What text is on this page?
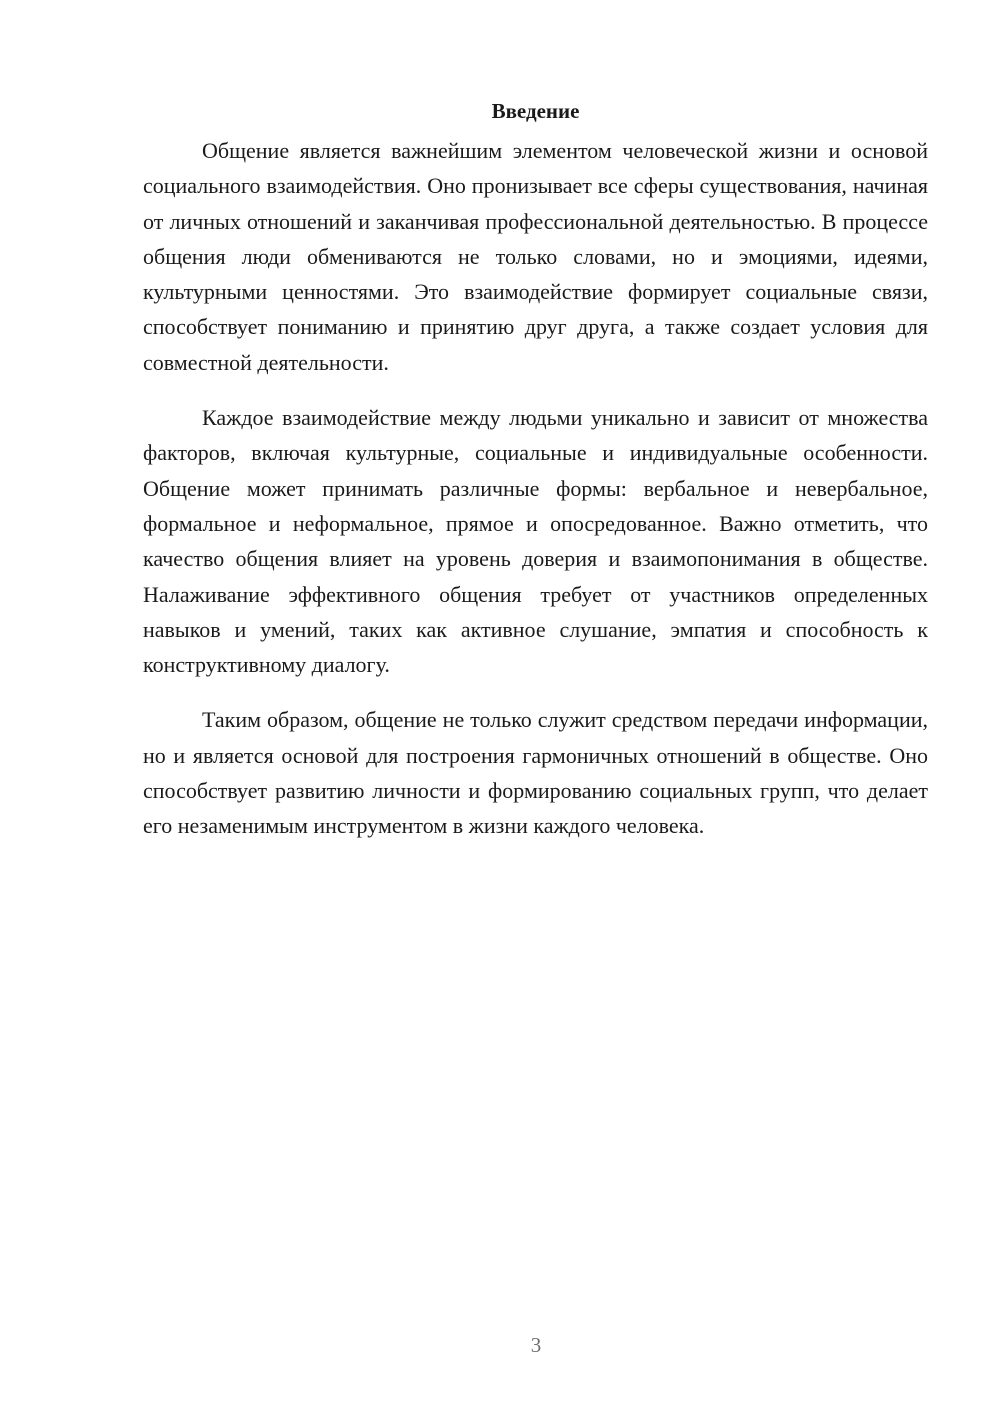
Введение

Общение является важнейшим элементом человеческой жизни и основой социального взаимодействия. Оно пронизывает все сферы существования, начиная от личных отношений и заканчивая профессиональной деятельностью. В процессе общения люди обмениваются не только словами, но и эмоциями, идеями, культурными ценностями. Это взаимодействие формирует социальные связи, способствует пониманию и принятию друг друга, а также создает условия для совместной деятельности.

Каждое взаимодействие между людьми уникально и зависит от множества факторов, включая культурные, социальные и индивидуальные особенности. Общение может принимать различные формы: вербальное и невербальное, формальное и неформальное, прямое и опосредованное. Важно отметить, что качество общения влияет на уровень доверия и взаимопонимания в обществе. Налаживание эффективного общения требует от участников определенных навыков и умений, таких как активное слушание, эмпатия и способность к конструктивному диалогу.

Таким образом, общение не только служит средством передачи информации, но и является основой для построения гармоничных отношений в обществе. Оно способствует развитию личности и формированию социальных групп, что делает его незаменимым инструментом в жизни каждого человека.

3
